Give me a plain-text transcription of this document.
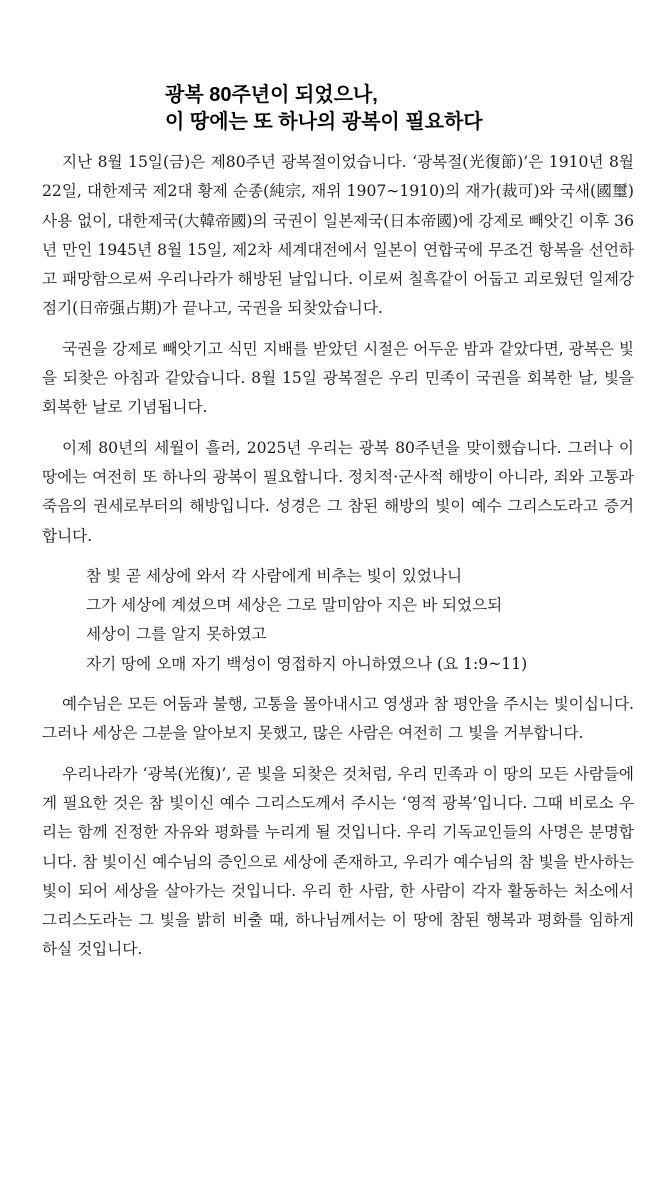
광복 80주년이 되었으나,
이 땅에는 또 하나의 광복이 필요하다

지난 8월 15일(금)은 제80주년 광복절이었습니다. ‘광복절(光復節)’은 1910년 8월 22일, 대한제국 제2대 황제 순종(純宗, 재위 1907∼1910)의 재가(裁可)와 국새(國璽) 사용 없이, 대한제국(大韓帝國)의 국권이 일본제국(日本帝國)에 강제로 빼앗긴 이후 36년 만인 1945년 8월 15일, 제2차 세계대전에서 일본이 연합국에 무조건 항복을 선언하고 패망함으로써 우리나라가 해방된 날입니다. 이로써 칠흑같이 어둡고 괴로웠던 일제강점기(日帝强占期)가 끝나고, 국권을 되찾았습니다.

국권을 강제로 빼앗기고 식민 지배를 받았던 시절은 어두운 밤과 같았다면, 광복은 빛을 되찾은 아침과 같았습니다. 8월 15일 광복절은 우리 민족이 국권을 회복한 날, 빛을 회복한 날로 기념됩니다.

이제 80년의 세월이 흘러, 2025년 우리는 광복 80주년을 맞이했습니다. 그러나 이 땅에는 여전히 또 하나의 광복이 필요합니다. 정치적·군사적 해방이 아니라, 죄와 고통과 죽음의 권세로부터의 해방입니다. 성경은 그 참된 해방의 빛이 예수 그리스도라고 증거합니다.

참 빛 곧 세상에 와서 각 사람에게 비추는 빛이 있었나니
그가 세상에 계셨으며 세상은 그로 말미암아 지은 바 되었으되
세상이 그를 알지 못하였고
자기 땅에 오매 자기 백성이 영접하지 아니하였으나 (요 1:9~11)

예수님은 모든 어둠과 불행, 고통을 몰아내시고 영생과 참 평안을 주시는 빛이십니다. 그러나 세상은 그분을 알아보지 못했고, 많은 사람은 여전히 그 빛을 거부합니다.

우리나라가 ‘광복(光復)’, 곧 빛을 되찾은 것처럼, 우리 민족과 이 땅의 모든 사람들에게 필요한 것은 참 빛이신 예수 그리스도께서 주시는 ‘영적 광복’입니다. 그때 비로소 우리는 함께 진정한 자유와 평화를 누리게 될 것입니다. 우리 기독교인들의 사명은 분명합니다. 참 빛이신 예수님의 증인으로 세상에 존재하고, 우리가 예수님의 참 빛을 반사하는 빛이 되어 세상을 살아가는 것입니다. 우리 한 사람, 한 사람이 각자 활동하는 처소에서 그리스도라는 그 빛을 밝히 비출 때, 하나님께서는 이 땅에 참된 행복과 평화를 임하게 하실 것입니다.
